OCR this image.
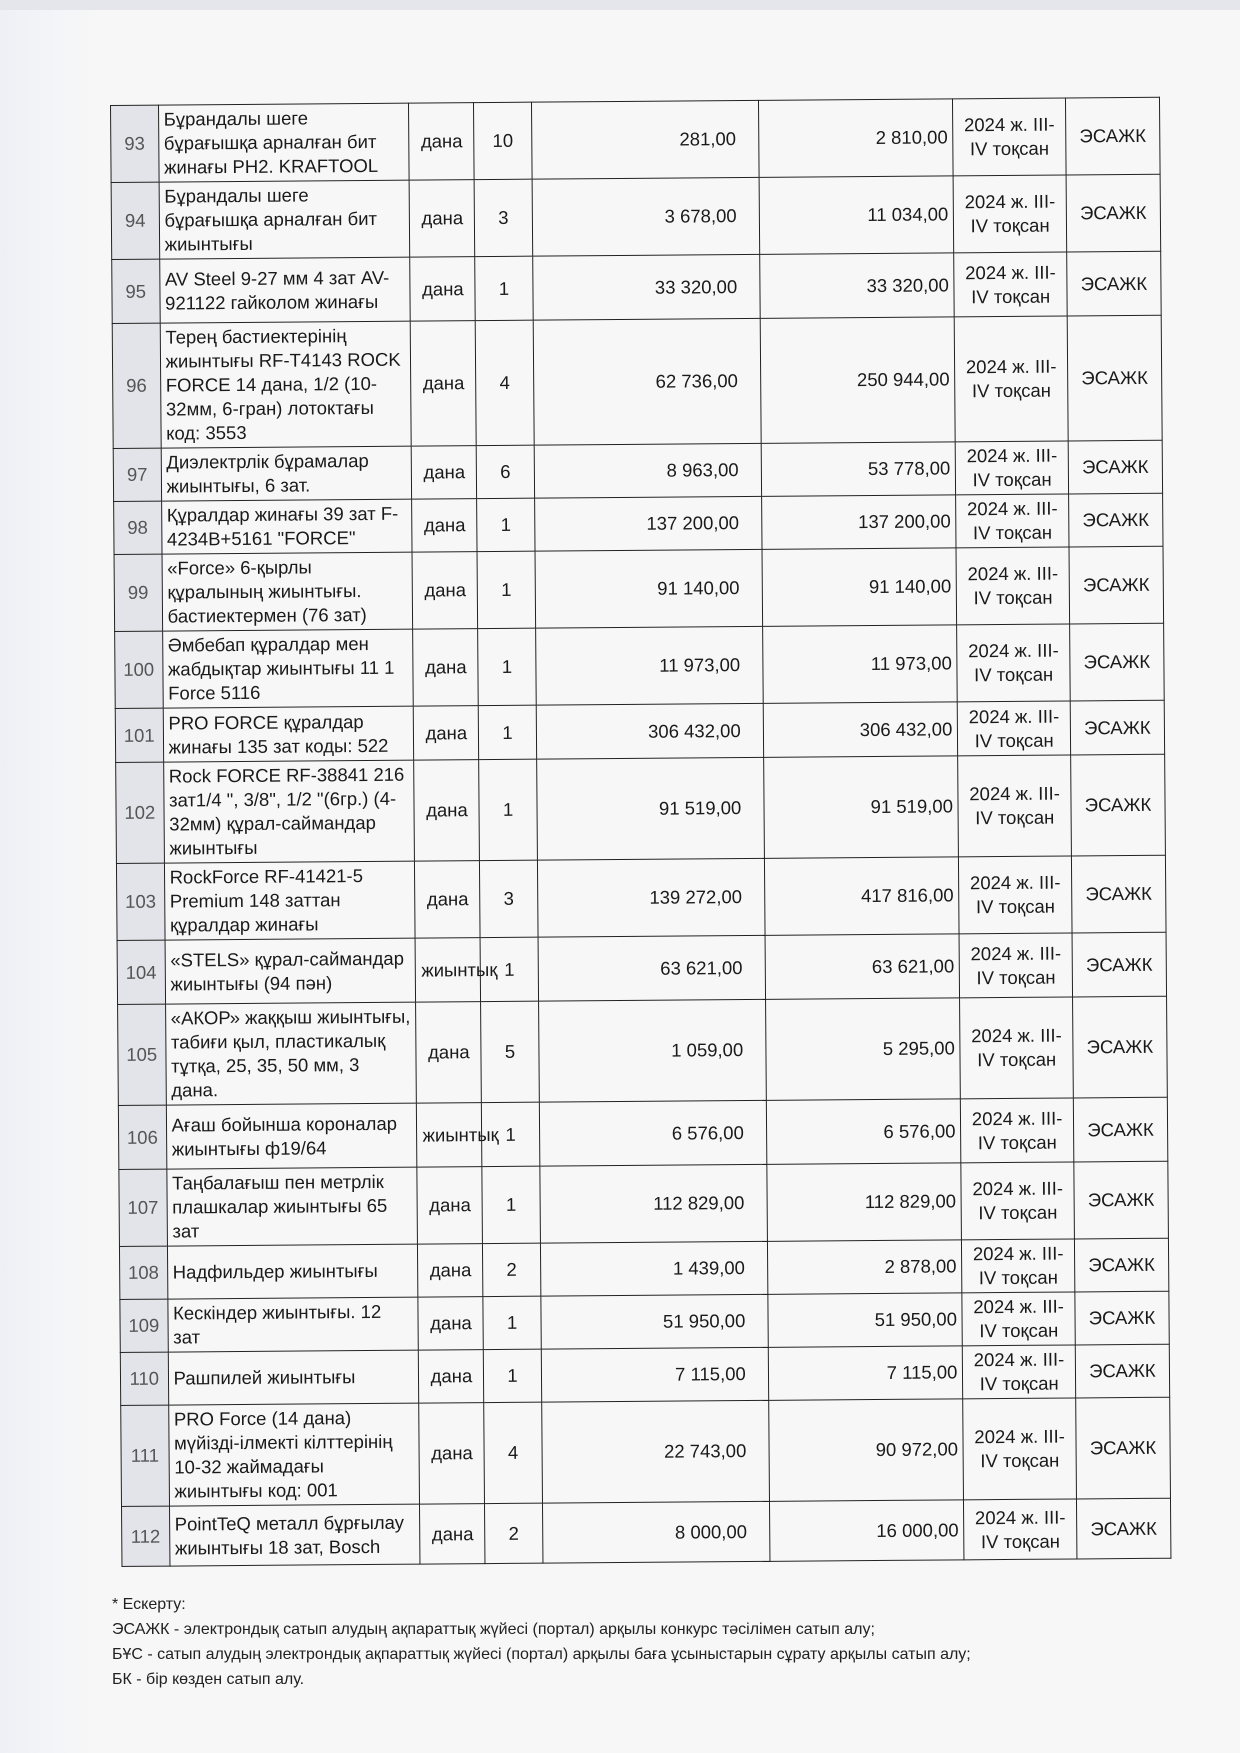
93	Бұрандалы шеге бұрағышқа арналған бит жинағы PH2. KRAFTOOL	дана	10	281,00	2 810,00	2024 ж. III-IV тоқсан	ЭСАЖК
94	Бұрандалы шеге бұрағышқа арналған бит жиынтығы	дана	3	3 678,00	11 034,00	2024 ж. III-IV тоқсан	ЭСАЖК
95	AV Steel 9-27 мм 4 зат AV-921122 гайколом жинағы	дана	1	33 320,00	33 320,00	2024 ж. III-IV тоқсан	ЭСАЖК
96	Терең бастиектерінің жиынтығы RF-T4143 ROCK FORCE 14 дана, 1/2 (10-32мм, 6-гран) лотоктағы код: 3553	дана	4	62 736,00	250 944,00	2024 ж. III-IV тоқсан	ЭСАЖК
97	Диэлектрлік бұрамалар жиынтығы, 6 зат.	дана	6	8 963,00	53 778,00	2024 ж. III-IV тоқсан	ЭСАЖК
98	Құралдар жинағы 39 зат F-4234B+5161 "FORCE"	дана	1	137 200,00	137 200,00	2024 ж. III-IV тоқсан	ЭСАЖК
99	«Force» 6-қырлы құралының жиынтығы. бастиектермен (76 зат)	дана	1	91 140,00	91 140,00	2024 ж. III-IV тоқсан	ЭСАЖК
100	Әмбебап құралдар мен жабдықтар жиынтығы 11 1 Force 5116	дана	1	11 973,00	11 973,00	2024 ж. III-IV тоқсан	ЭСАЖК
101	PRO FORCE құралдар жинағы 135 зат коды: 522	дана	1	306 432,00	306 432,00	2024 ж. III-IV тоқсан	ЭСАЖК
102	Rock FORCE RF-38841 216 зат1/4 ", 3/8", 1/2 "(6гр.) (4-32мм) құрал-саймандар жиынтығы	дана	1	91 519,00	91 519,00	2024 ж. III-IV тоқсан	ЭСАЖК
103	RockForce RF-41421-5 Premium 148 заттан құралдар жинағы	дана	3	139 272,00	417 816,00	2024 ж. III-IV тоқсан	ЭСАЖК
104	«STELS» құрал-саймандар жиынтығы (94 пән)	жиынтық	1	63 621,00	63 621,00	2024 ж. III-IV тоқсан	ЭСАЖК
105	«АКОР» жаққыш жиынтығы, табиғи қыл, пластикалық тұтқа, 25, 35, 50 мм, 3 дана.	дана	5	1 059,00	5 295,00	2024 ж. III-IV тоқсан	ЭСАЖК
106	Ағаш бойынша короналар жиынтығы ф19/64	жиынтық	1	6 576,00	6 576,00	2024 ж. III-IV тоқсан	ЭСАЖК
107	Таңбалағыш пен метрлік плашкалар жиынтығы 65 зат	дана	1	112 829,00	112 829,00	2024 ж. III-IV тоқсан	ЭСАЖК
108	Надфильдер жиынтығы	дана	2	1 439,00	2 878,00	2024 ж. III-IV тоқсан	ЭСАЖК
109	Кескіндер жиынтығы. 12 зат	дана	1	51 950,00	51 950,00	2024 ж. III-IV тоқсан	ЭСАЖК
110	Рашпилей жиынтығы	дана	1	7 115,00	7 115,00	2024 ж. III-IV тоқсан	ЭСАЖК
111	PRO Force (14 дана) мүйізді-ілмекті кілттерінің 10-32 жаймадағы жиынтығы код: 001	дана	4	22 743,00	90 972,00	2024 ж. III-IV тоқсан	ЭСАЖК
112	PointTeQ металл бұрғылау жиынтығы 18 зат, Bosch	дана	2	8 000,00	16 000,00	2024 ж. III-IV тоқсан	ЭСАЖК
* Ескерту:
ЭСАЖК - электрондық сатып алудың ақпараттық жүйесі (портал) арқылы конкурс тәсілімен сатып алу;
БҰС - сатып алудың электрондық ақпараттық жүйесі (портал) арқылы баға ұсыныстарын сұрату арқылы сатып алу;
БК - бір көзден сатып алу.
